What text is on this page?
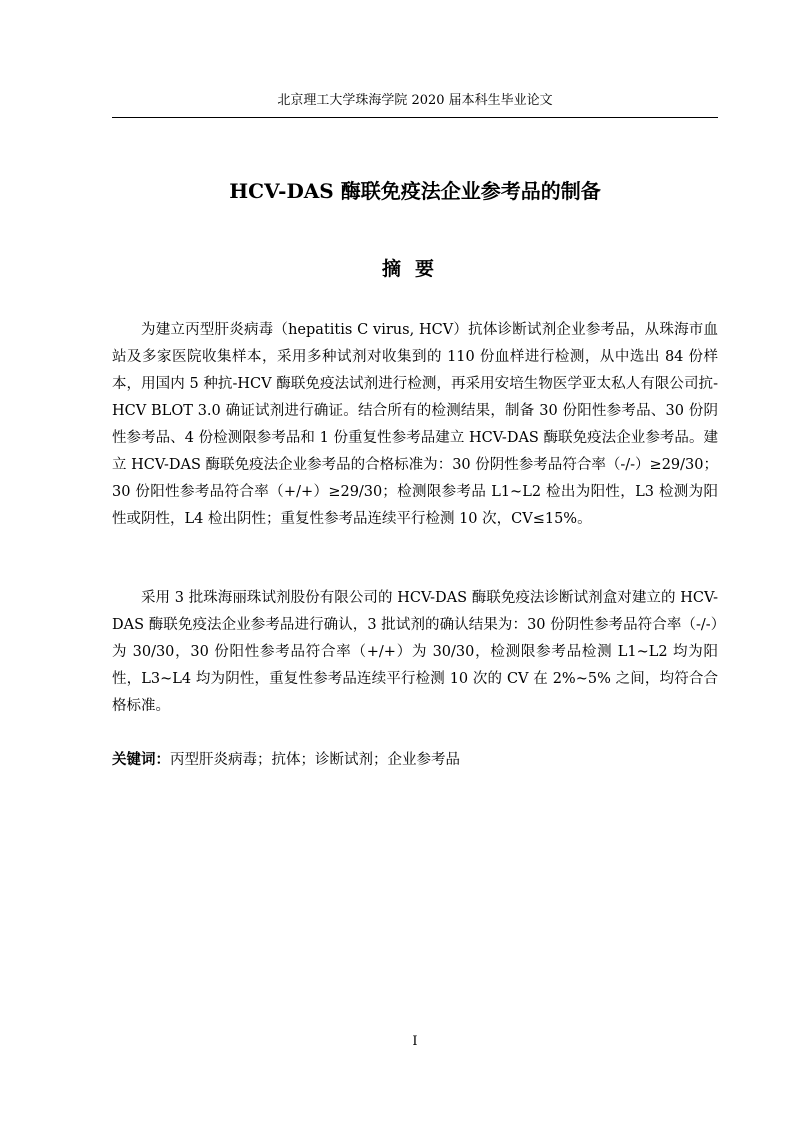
北京理工大学珠海学院 2020 届本科生毕业论文
HCV-DAS 酶联免疫法企业参考品的制备
摘要

为建立丙型肝炎病毒（hepatitis C virus, HCV）抗体诊断试剂企业参考品，从珠海市血站及多家医院收集样本，采用多种试剂对收集到的 110 份血样进行检测，从中选出 84 份样本，用国内 5 种抗-HCV 酶联免疫法试剂进行检测，再采用安培生物医学亚太私人有限公司抗-HCV BLOT 3.0 确证试剂进行确证。结合所有的检测结果，制备 30 份阳性参考品、30 份阴性参考品、4 份检测限参考品和 1 份重复性参考品建立 HCV-DAS 酶联免疫法企业参考品。建立 HCV-DAS 酶联免疫法企业参考品的合格标准为：30 份阴性参考品符合率（-/-）≥29/30；30 份阳性参考品符合率（+/+）≥29/30；检测限参考品 L1~L2 检出为阳性，L3 检测为阳性或阴性，L4 检出阴性；重复性参考品连续平行检测 10 次，CV≤15%。

采用 3 批珠海丽珠试剂股份有限公司的 HCV-DAS 酶联免疫法诊断试剂盒对建立的 HCV-DAS 酶联免疫法企业参考品进行确认，3 批试剂的确认结果为：30 份阴性参考品符合率（-/-）为 30/30，30 份阳性参考品符合率（+/+）为 30/30，检测限参考品检测 L1~L2 均为阳性，L3~L4 均为阴性，重复性参考品连续平行检测 10 次的 CV 在 2%~5% 之间，均符合合格标准。

关键词：丙型肝炎病毒；抗体；诊断试剂；企业参考品
I
